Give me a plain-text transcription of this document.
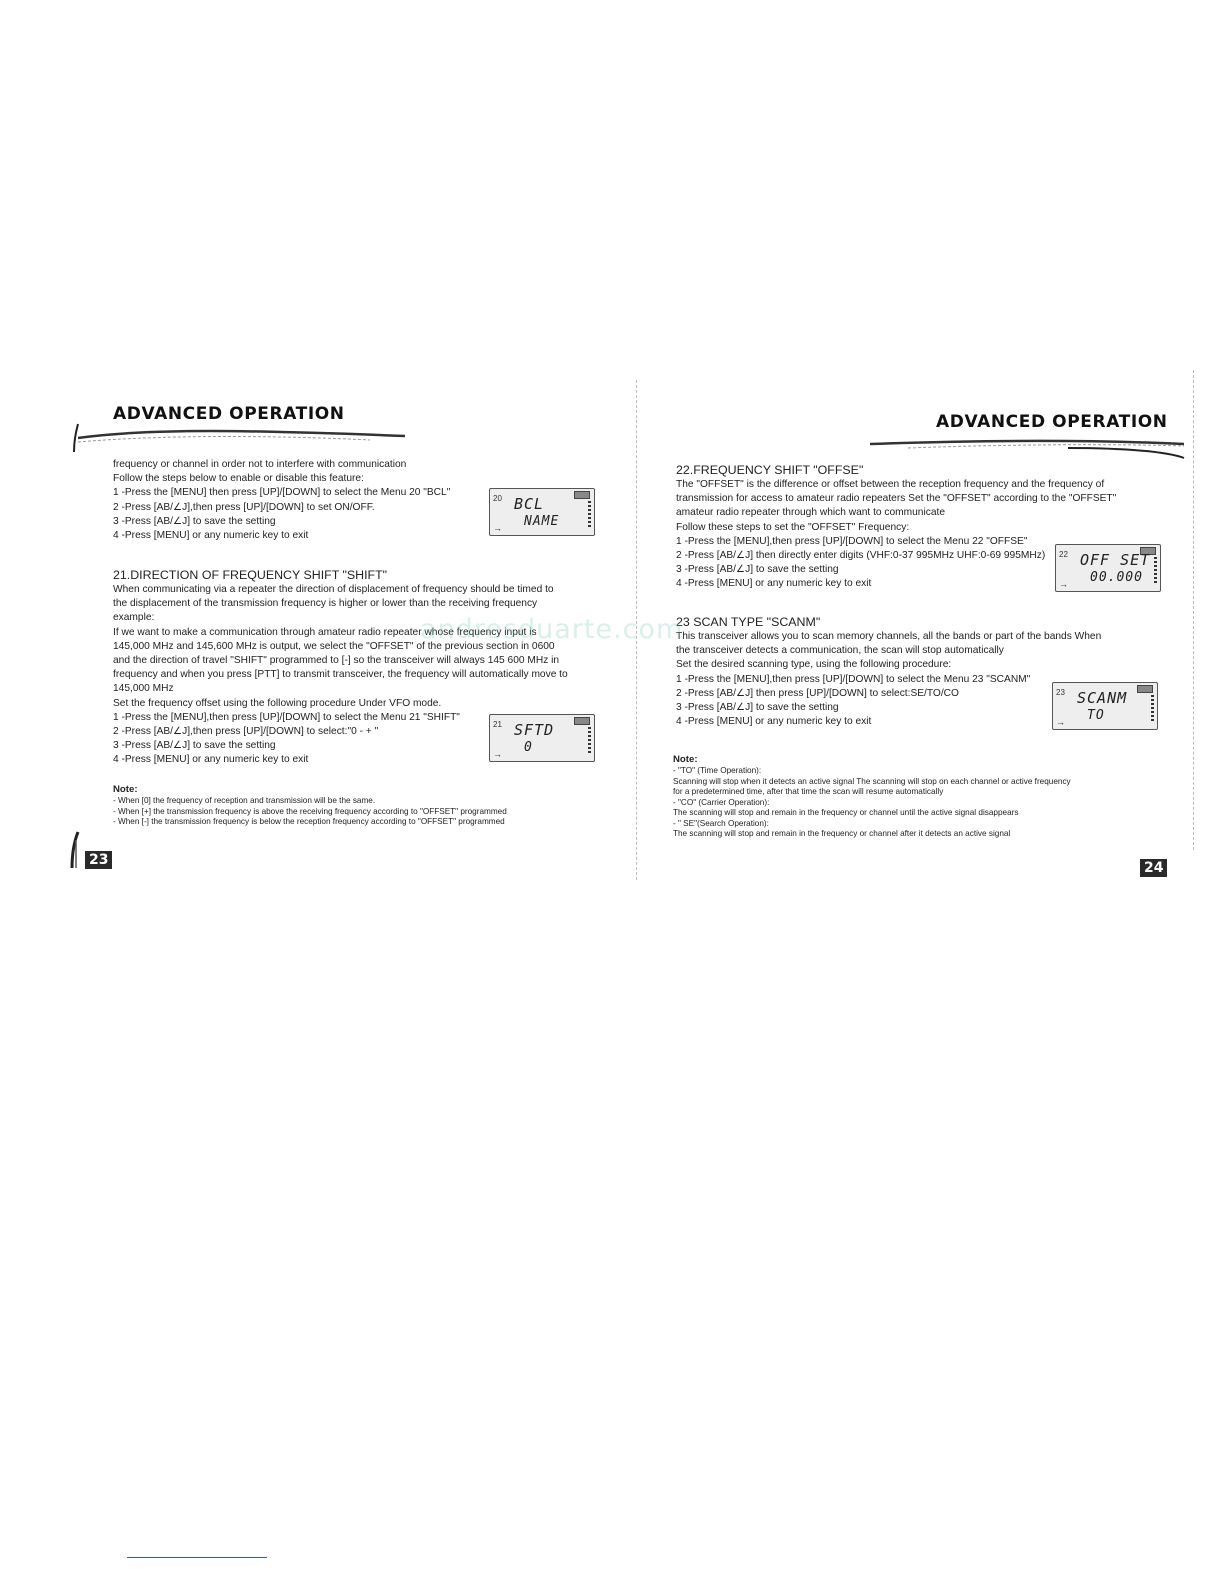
ADVANCED OPERATION

frequency or channel in order not to interfere with communication

Follow the steps below to enable or disable this feature:

1 -Press the [MENU] then press [UP]/[DOWN] to select the Menu 20 "BCL"

2 -Press [AB/∠J],then press [UP]/[DOWN] to set ON/OFF.

3 -Press [AB/∠J] to save the setting

4 -Press [MENU] or any numeric key to exit

20 BCL
NAME
→

21.DIRECTION OF FREQUENCY SHIFT "SHIFT"

When communicating via a repeater the direction of displacement of frequency should be timed to

the displacement of the transmission frequency is higher or lower than the receiving frequency

example:

If we want to make a communication through amateur radio repeater whose frequency input is

145,000 MHz and 145,600 MHz is output, we select the "OFFSET" of the previous section in 0600

and the direction of travel "SHIFT" programmed to [-] so the transceiver will always 145 600 MHz in

frequency and when you press [PTT] to transmit transceiver, the frequency will automatically move to

145,000 MHz

Set the frequency offset using the following procedure Under VFO mode.

1 -Press the [MENU],then press [UP]/[DOWN] to select the Menu 21 "SHIFT"

2 -Press [AB/∠J],then press [UP]/[DOWN] to select:"0 - + "

3 -Press [AB/∠J] to save the setting

4 -Press [MENU] or any numeric key to exit

21 SFTD
0
→

Note:

- When [0] the frequency of reception and transmission will be the same.

- When [+] the transmission frequency is above the receiving frequency according to "OFFSET" programmed

- When [-] the transmission frequency is below the reception frequency according to "OFFSET" programmed

23
ADVANCED OPERATION

22.FREQUENCY SHIFT "OFFSE"

The "OFFSET" is the difference or offset between the reception frequency and the frequency of

transmission for access to amateur radio repeaters Set the "OFFSET" according to the "OFFSET"

amateur radio repeater through which want to communicate

Follow these steps to set the "OFFSET" Frequency:

1 -Press the [MENU],then press [UP]/[DOWN] to select the Menu 22 "OFFSE"

2 -Press [AB/∠J] then directly enter digits (VHF:0-37 995MHz UHF:0-69 995MHz)

3 -Press [AB/∠J] to save the setting

4 -Press [MENU] or any numeric key to exit

22 OFF SET
00.000
→

23 SCAN TYPE "SCANM"

This transceiver allows you to scan memory channels, all the bands or part of the bands When

the transceiver detects a communication, the scan will stop automatically

Set the desired scanning type, using the following procedure:

1 -Press the [MENU],then press [UP]/[DOWN] to select the Menu 23 "SCANM"

2 -Press [AB/∠J] then press [UP]/[DOWN] to select:SE/TO/CO

3 -Press [AB/∠J] to save the setting

4 -Press [MENU] or any numeric key to exit

23 SCANM
TO
→

Note:

- "TO" (Time Operation):

Scanning will stop when it detects an active signal The scanning will stop on each channel or active frequency

for a predetermined time, after that time the scan will resume automatically

- "CO" (Carrier Operation):

The scanning will stop and remain in the frequency or channel until the active signal disappears

- " SE"(Search Operation):

The scanning will stop and remain in the frequency or channel after it detects an active signal

24
andresduarte.com
